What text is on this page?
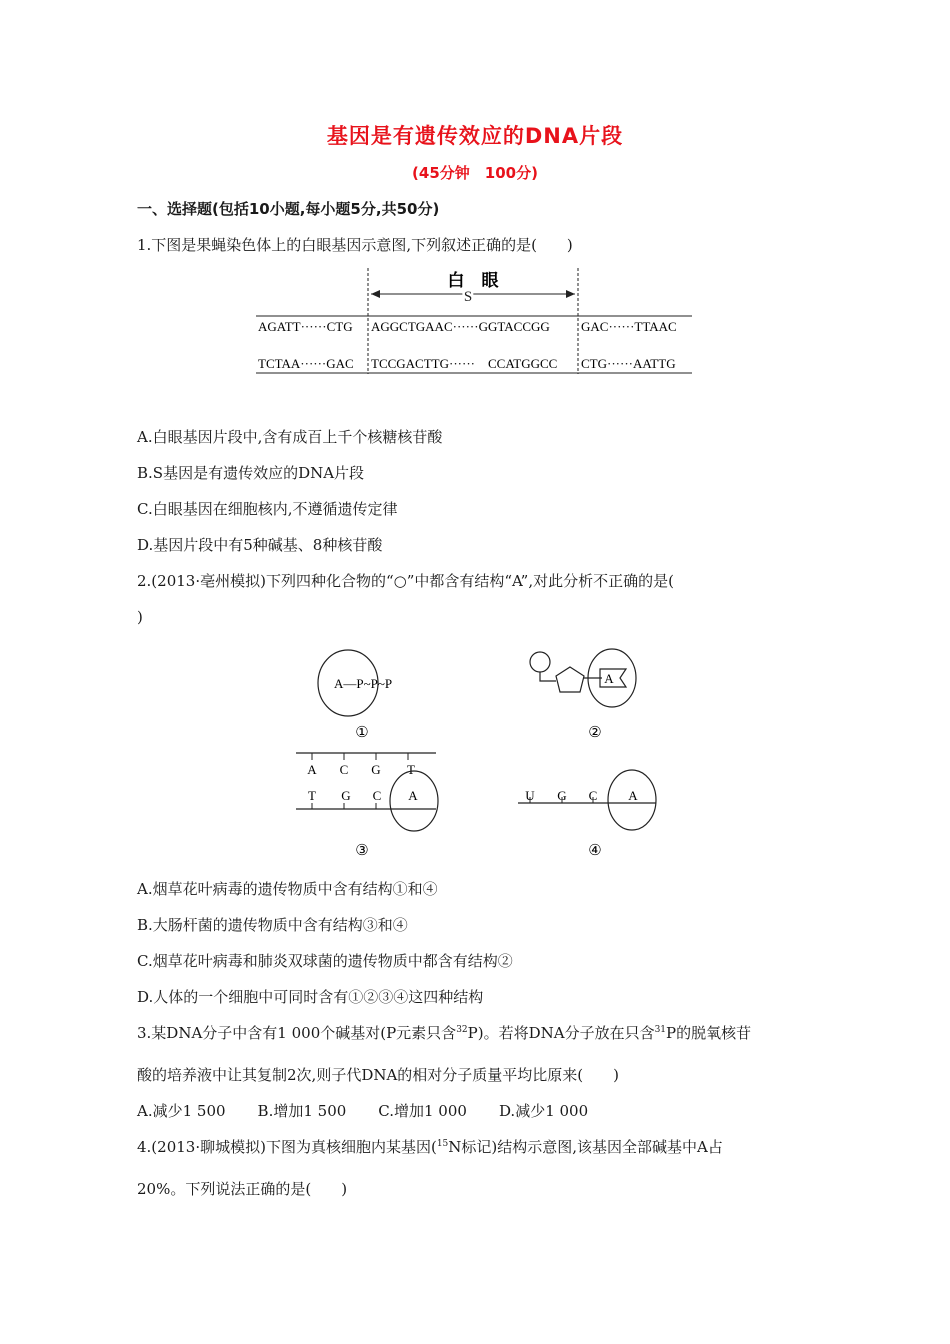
基因是有遗传效应的DNA片段
(45分钟　100分)
一、选择题(包括10小题,每小题5分,共50分)
1.下图是果蝇染色体上的白眼基因示意图,下列叙述正确的是(　　)
白　眼
S
AGATT······CTG AGGCTGAAC······GGTACCGG GAC······TTAAC
TCTAA······GAC TCCGACTTG······　CCATGGCC CTG······AATTG
A.白眼基因片段中,含有成百上千个核糖核苷酸
B.S基因是有遗传效应的DNA片段
C.白眼基因在细胞核内,不遵循遗传定律
D.基因片段中有5种碱基、8种核苷酸
2.(2013·亳州模拟)下列四种化合物的“○”中都含有结构“A”,对此分析不正确的是(
)
A—P~P~P
①
A
②
A C G T
T G C A
③
U G C A
④
A.烟草花叶病毒的遗传物质中含有结构①和④
B.大肠杆菌的遗传物质中含有结构③和④
C.烟草花叶病毒和肺炎双球菌的遗传物质中都含有结构②
D.人体的一个细胞中可同时含有①②③④这四种结构
3.某DNA分子中含有1 000个碱基对(P元素只含$^{32}$P)。若将DNA分子放在只含$^{31}$P的脱氧核苷
酸的培养液中让其复制2次,则子代DNA的相对分子质量平均比原来(　　)
A.减少1 500 B.增加1 500 C.增加1 000 D.减少1 000
4.(2013·聊城模拟)下图为真核细胞内某基因($^{15}$N标记)结构示意图,该基因全部碱基中A占
20%。下列说法正确的是(　　)
